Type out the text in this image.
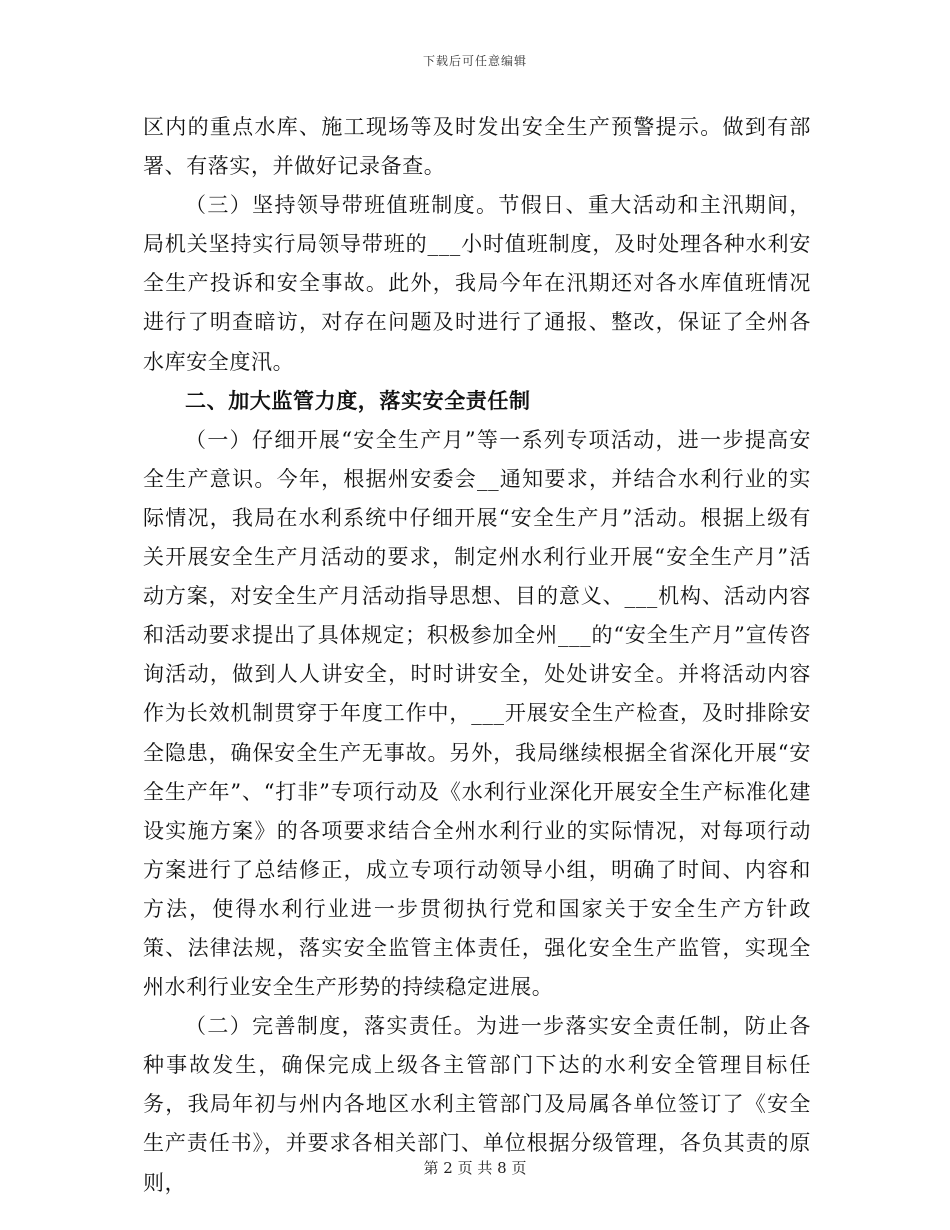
下载后可任意编辑

区内的重点水库、施工现场等及时发出安全生产预警提示。做到有部署、有落实，并做好记录备查。

（三）坚持领导带班值班制度。节假日、重大活动和主汛期间，局机关坚持实行局领导带班的___小时值班制度，及时处理各种水利安全生产投诉和安全事故。此外，我局今年在汛期还对各水库值班情况进行了明查暗访，对存在问题及时进行了通报、整改，保证了全州各水库安全度汛。

二、加大监管力度，落实安全责任制

（一）仔细开展“安全生产月”等一系列专项活动，进一步提高安全生产意识。今年，根据州安委会__通知要求，并结合水利行业的实际情况，我局在水利系统中仔细开展“安全生产月”活动。根据上级有关开展安全生产月活动的要求，制定州水利行业开展“安全生产月”活动方案，对安全生产月活动指导思想、目的意义、___机构、活动内容和活动要求提出了具体规定；积极参加全州___的“安全生产月”宣传咨询活动，做到人人讲安全，时时讲安全，处处讲安全。并将活动内容作为长效机制贯穿于年度工作中，___开展安全生产检查，及时排除安全隐患，确保安全生产无事故。另外，我局继续根据全省深化开展“安全生产年”、“打非”专项行动及《水利行业深化开展安全生产标准化建设实施方案》的各项要求结合全州水利行业的实际情况，对每项行动方案进行了总结修正，成立专项行动领导小组，明确了时间、内容和方法，使得水利行业进一步贯彻执行党和国家关于安全生产方针政策、法律法规，落实安全监管主体责任，强化安全生产监管，实现全州水利行业安全生产形势的持续稳定进展。

（二）完善制度，落实责任。为进一步落实安全责任制，防止各种事故发生，确保完成上级各主管部门下达的水利安全管理目标任务，我局年初与州内各地区水利主管部门及局属各单位签订了《安全生产责任书》，并要求各相关部门、单位根据分级管理，各负其责的原则，

第 2 页 共 8 页
